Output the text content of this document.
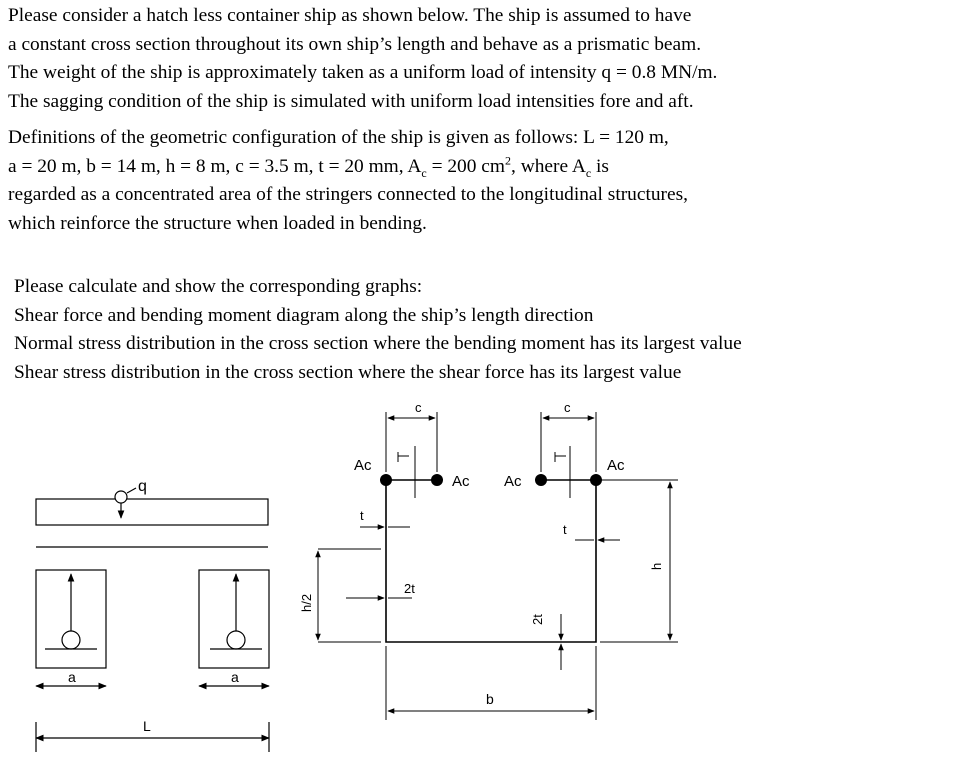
Please consider a hatch less container ship as shown below. The ship is assumed to have
a constant cross section throughout its own ship’s length and behave as a prismatic beam.
The weight of the ship is approximately taken as a uniform load of intensity q = 0.8 MN/m.
The sagging condition of the ship is simulated with uniform load intensities fore and aft.
Definitions of the geometric configuration of the ship is given as follows: L = 120 m,
a = 20 m, b = 14 m, h = 8 m, c = 3.5 m, t = 20 mm, $A_c = 200$ $cm^2$, where $A_c$ is
regarded as a concentrated area of the stringers connected to the longitudinal structures,
which reinforce the structure when loaded in bending.
Please calculate and show the corresponding graphs:
Shear force and bending moment diagram along the ship’s length direction
Normal stress distribution in the cross section where the bending moment has its largest value
Shear stress distribution in the cross section where the shear force has its largest value
q
a	a
L
Ac
Ac Ac
Ac
c	c
t
t
h/2
2t
2t
h
b
